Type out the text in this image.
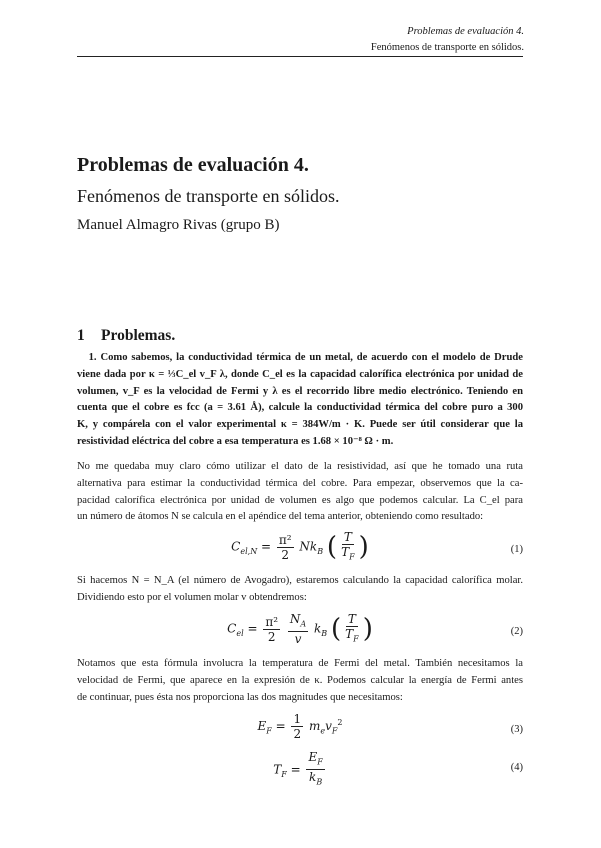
Problemas de evaluación 4.
Fenómenos de transporte en sólidos.
Problemas de evaluación 4.
Fenómenos de transporte en sólidos.
Manuel Almagro Rivas (grupo B)
1 Problemas.
1. Como sabemos, la conductividad térmica de un metal, de acuerdo con el modelo de Drude
viene dada por κ = ⅓C_el v_F λ, donde C_el es la capacidad calorífica electrónica por unidad de
volumen, v_F es la velocidad de Fermi y λ es el recorrido libre medio electrónico. Teniendo en
cuenta que el cobre es fcc (a = 3.61 Å), calcule la conductividad térmica del cobre puro a 300
K, y compárela con el valor experimental κ = 384W/m · K. Puede ser útil considerar que la
resistividad eléctrica del cobre a esa temperatura es 1.68 × 10⁻⁸ Ω · m.
No me quedaba muy claro cómo utilizar el dato de la resistividad, así que he tomado una ruta
alternativa para estimar la conductividad térmica del cobre. Para empezar, observemos que la ca-
pacidad calorífica electrónica por unidad de volumen es algo que podemos calcular. La C_el para
un número de átomos N se calcula en el apéndice del tema anterior, obteniendo como resultado:
$C_{el,N} = \frac{\text{π²}}{2} Nk_B$ ( $\frac{T}{T_F}$ )	(1)
Si hacemos N = N_A (el número de Avogadro), estaremos calculando la capacidad calorífica molar.
Dividiendo esto por el volumen molar v obtendremos:
$C_{el} = \frac{\text{π²}}{2}$
$\frac{N_A}{v} k_B$ ( $\frac{T}{T_F}$ )	(2)
Notamos que esta fórmula involucra la temperatura de Fermi del metal. También necesitamos la
velocidad de Fermi, que aparece en la expresión de κ. Podemos calcular la energía de Fermi antes
de continuar, pues ésta nos proporciona las dos magnitudes que necesitamos:
$E_F = \frac{1}{2} m_ev_F^2$
(3)
$T_F = \frac{E_F}{k_B}$	(4)
